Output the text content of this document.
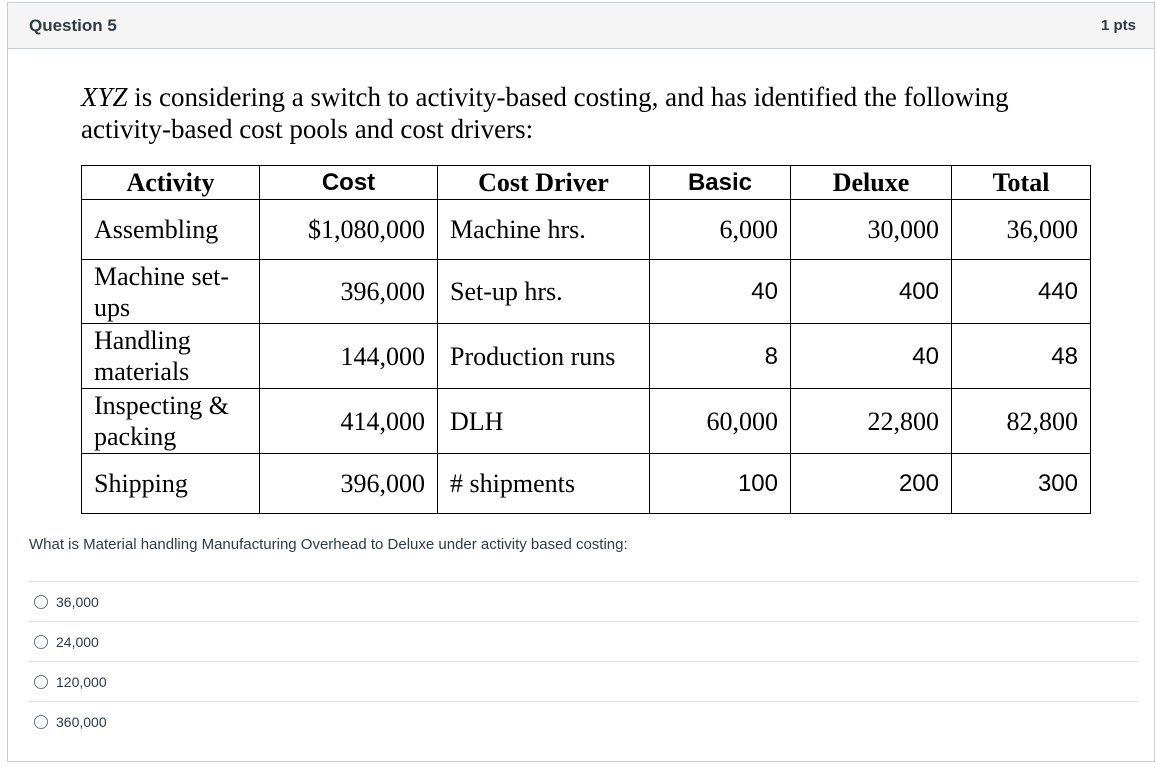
Question 5	1 pts
XYZ is considering a switch to activity-based costing, and has identified the following activity-based cost pools and cost drivers:
Activity	Cost	Cost Driver	Basic	Deluxe	Total
Assembling	$1,080,000	Machine hrs.	6,000	30,000	36,000
Machine set-ups	396,000	Set-up hrs.	40	400	440
Handling materials	144,000	Production runs	8	40	48
Inspecting & packing	414,000	DLH	60,000	22,800	82,800
Shipping	396,000	# shipments	100	200	300
What is Material handling Manufacturing Overhead to Deluxe under activity based costing:
36,000
24,000
120,000
360,000
